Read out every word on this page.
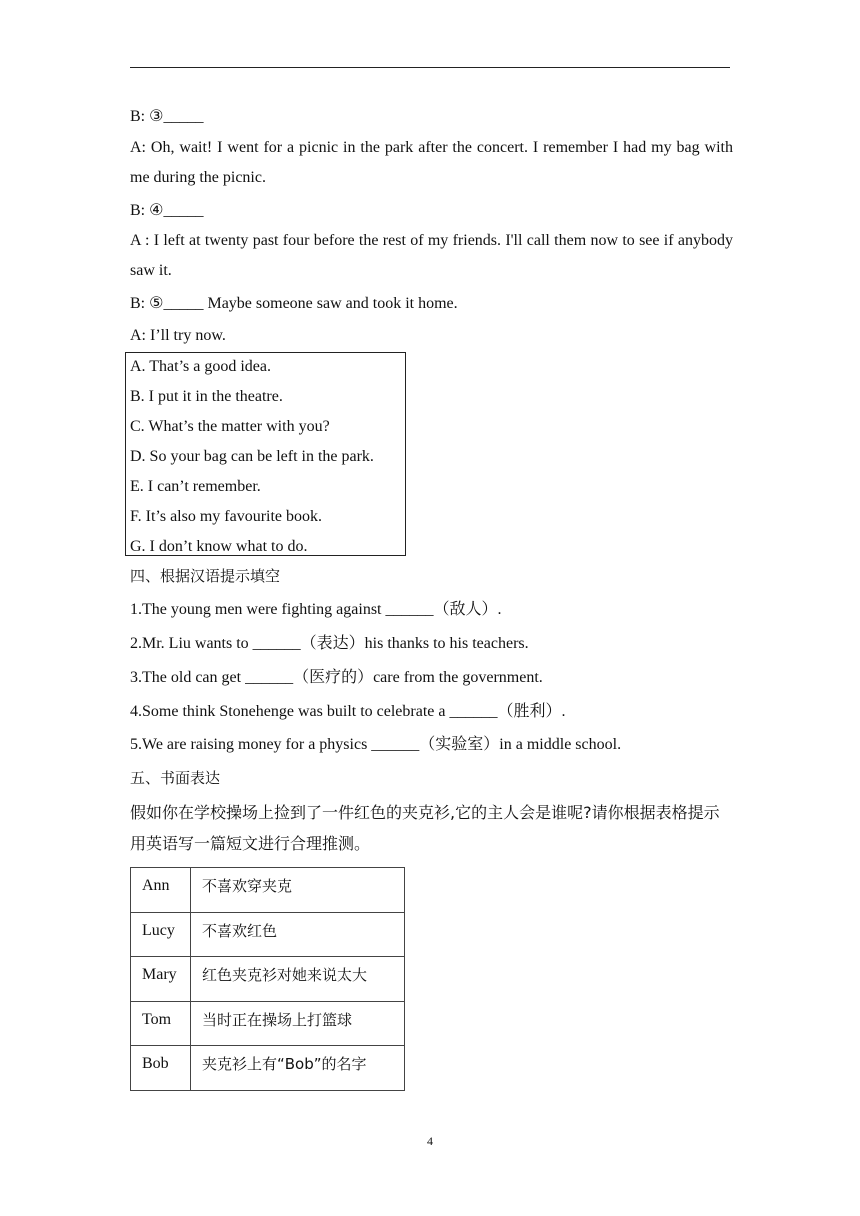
B: ③_____
A: Oh, wait! I went for a picnic in the park after the concert. I remember I had my bag with me during the picnic.
B: ④_____
A : I left at twenty past four before the rest of my friends. I'll call them now to see if anybody saw it.
B: ⑤_____ Maybe someone saw and took it home.
A: I’ll try now.
A. That’s a good idea.
B. I put it in the theatre.
C. What’s the matter with you?
D. So your bag can be left in the park.
E. I can’t remember.
F. It’s also my favourite book.
G. I don’t know what to do.
四、根据汉语提示填空
1.The young men were fighting against ______（敌人）.
2.Mr. Liu wants to ______（表达）his thanks to his teachers.
3.The old can get ______（医疗的）care from the government.
4.Some think Stonehenge was built to celebrate a ______（胜利）.
5.We are raising money for a physics ______（实验室）in a middle school.
五、书面表达
假如你在学校操场上捡到了一件红色的夹克衫,它的主人会是谁呢?请你根据表格提示用英语写一篇短文进行合理推测。
Ann	不喜欢穿夹克
Lucy	不喜欢红色
Mary	红色夹克衫对她来说太大
Tom	当时正在操场上打篮球
Bob	夹克衫上有“Bob”的名字
4
